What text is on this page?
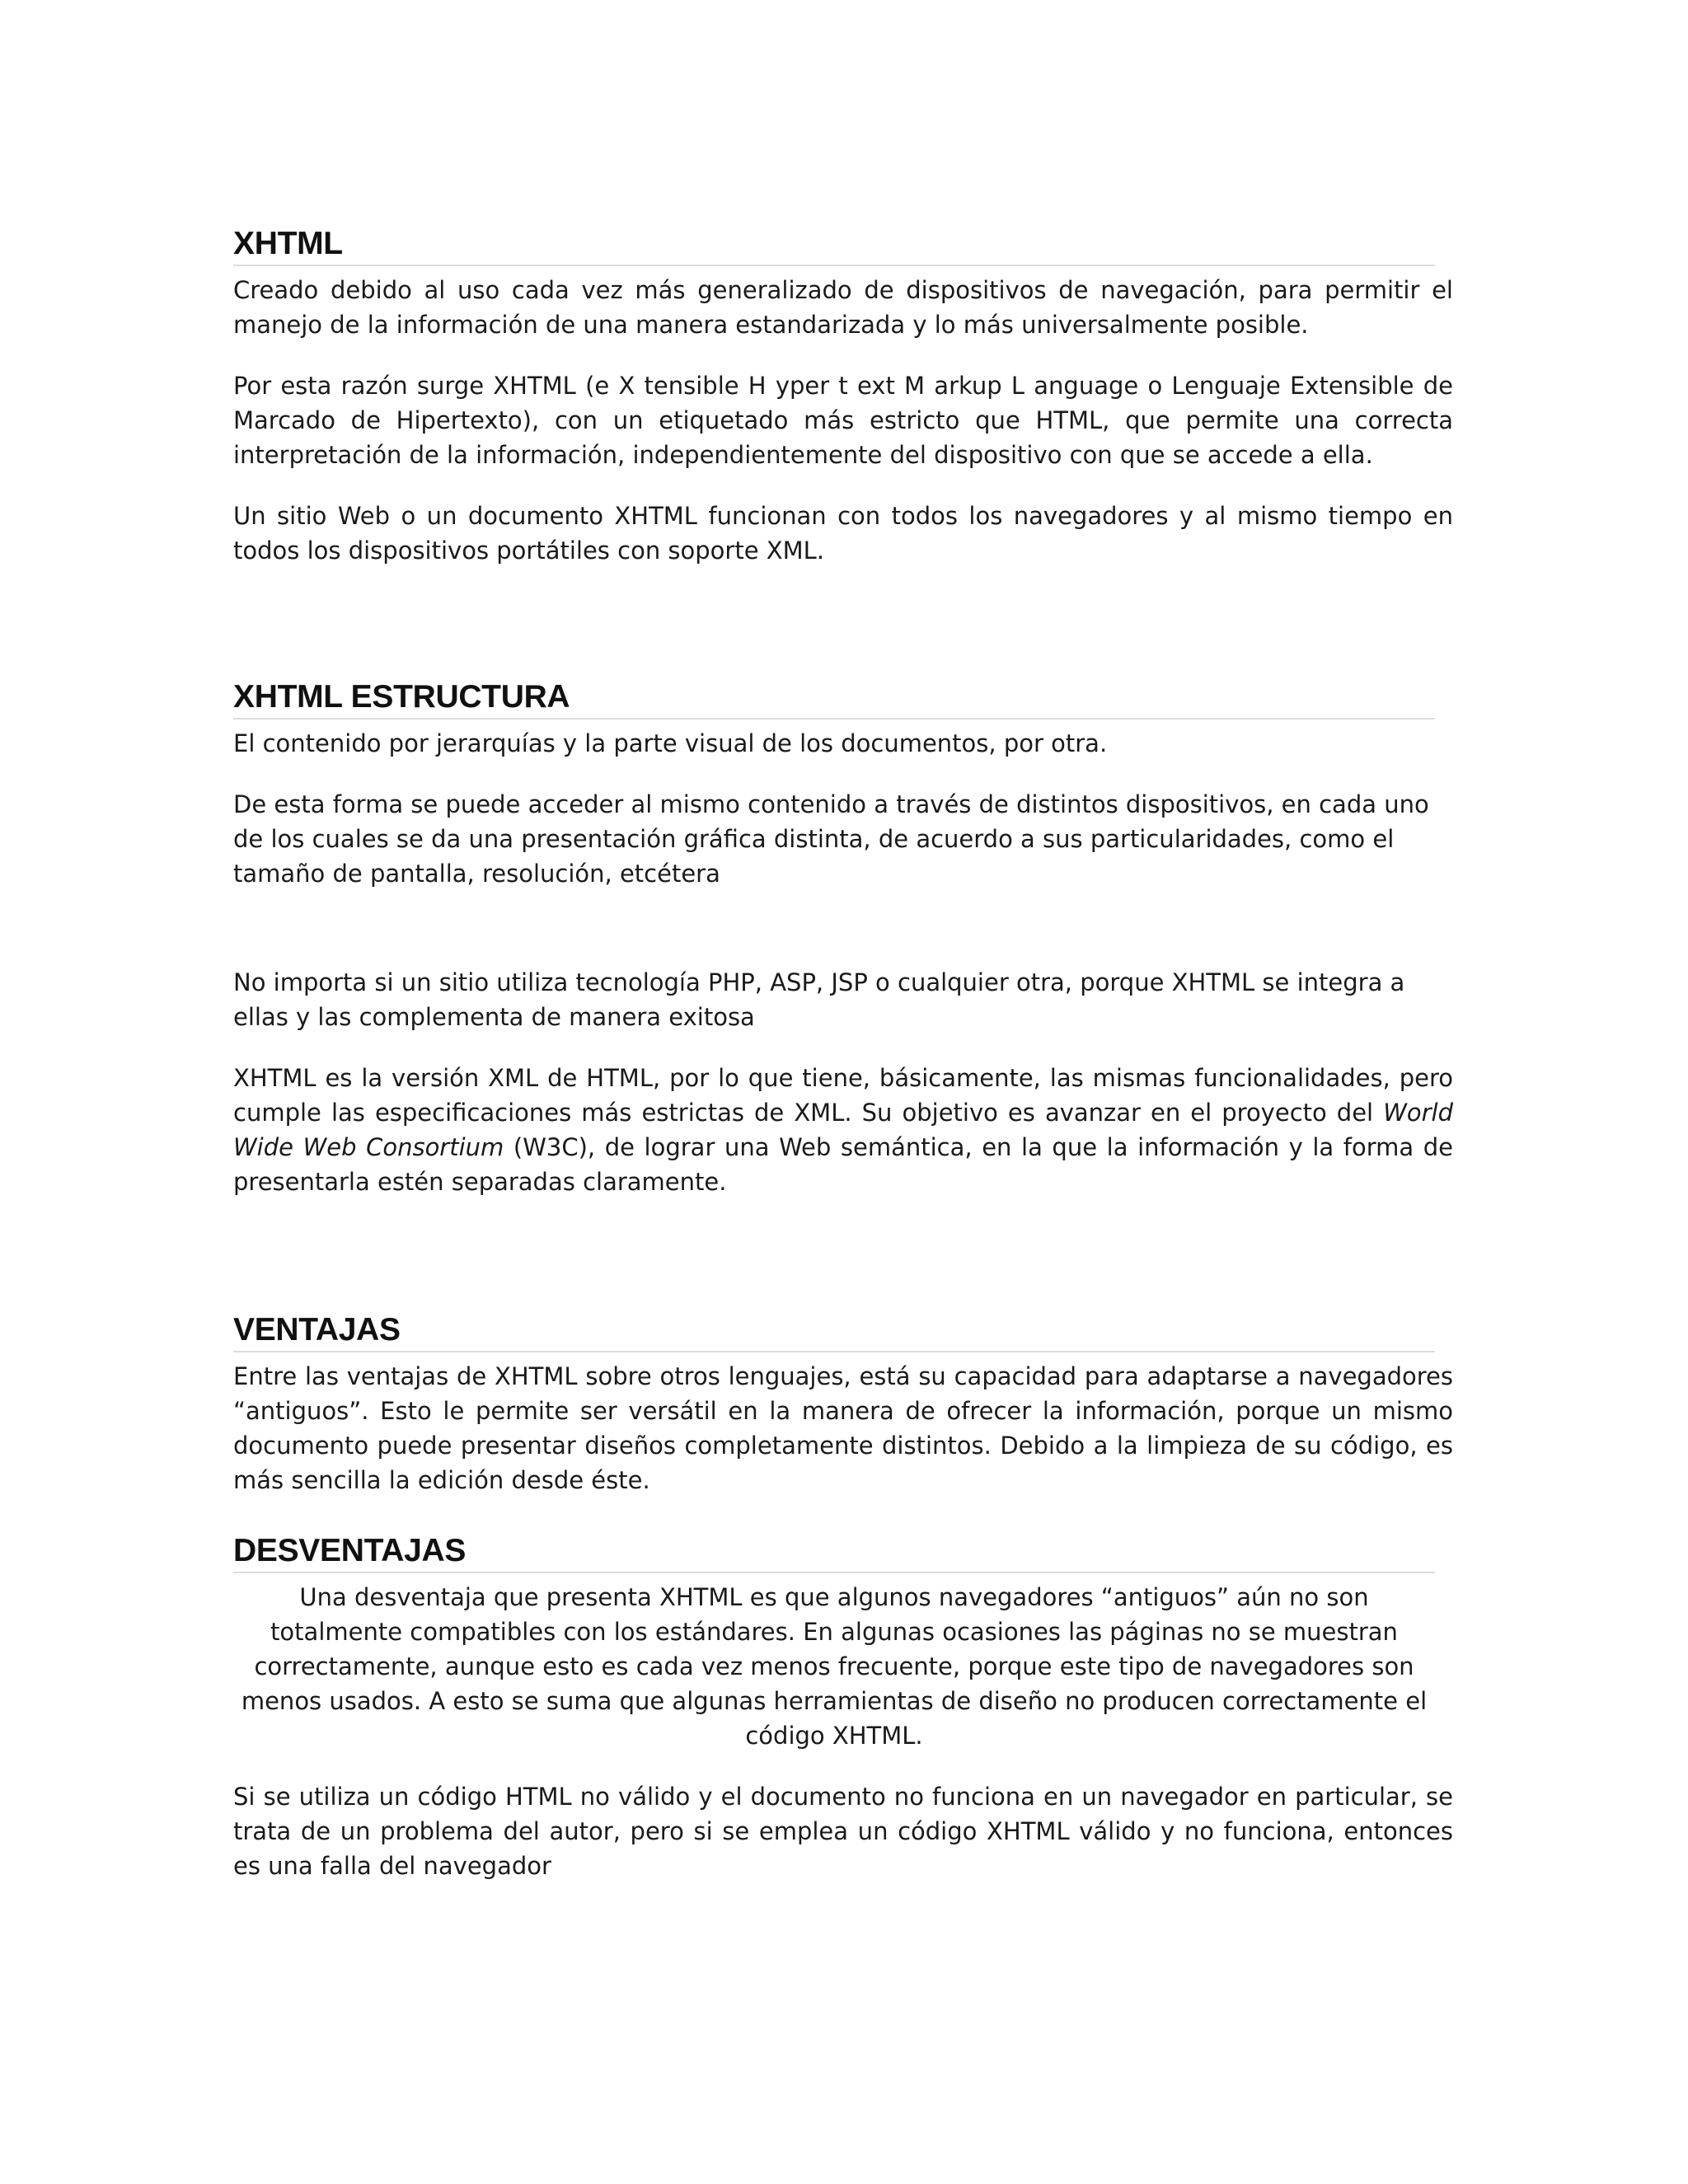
XHTML

Creado debido al uso cada vez más generalizado de dispositivos de navegación, para permitir el manejo de la información de una manera estandarizada y lo más universalmente posible.

Por esta razón surge XHTML (e X tensible H yper t ext M arkup L anguage o Lenguaje Extensible de Marcado de Hipertexto), con un etiquetado más estricto que HTML, que permite una correcta interpretación de la información, independientemente del dispositivo con que se accede a ella.

Un sitio Web o un documento XHTML funcionan con todos los navegadores y al mismo tiempo en todos los dispositivos portátiles con soporte XML.

XHTML ESTRUCTURA

El contenido por jerarquías y la parte visual de los documentos, por otra.

De esta forma se puede acceder al mismo contenido a través de distintos dispositivos, en cada uno de los cuales se da una presentación gráfica distinta, de acuerdo a sus particularidades, como el tamaño de pantalla, resolución, etcétera

No importa si un sitio utiliza tecnología PHP, ASP, JSP o cualquier otra, porque XHTML se integra a ellas y las complementa de manera exitosa

XHTML es la versión XML de HTML, por lo que tiene, básicamente, las mismas funcionalidades, pero cumple las especificaciones más estrictas de XML. Su objetivo es avanzar en el proyecto del World Wide Web Consortium (W3C), de lograr una Web semántica, en la que la información y la forma de presentarla estén separadas claramente.

VENTAJAS

Entre las ventajas de XHTML sobre otros lenguajes, está su capacidad para adaptarse a navegadores “antiguos”. Esto le permite ser versátil en la manera de ofrecer la información, porque un mismo documento puede presentar diseños completamente distintos. Debido a la limpieza de su código, es más sencilla la edición desde éste.

DESVENTAJAS

Una desventaja que presenta XHTML es que algunos navegadores “antiguos” aún no son totalmente compatibles con los estándares. En algunas ocasiones las páginas no se muestran correctamente, aunque esto es cada vez menos frecuente, porque este tipo de navegadores son menos usados. A esto se suma que algunas herramientas de diseño no producen correctamente el código XHTML.

Si se utiliza un código HTML no válido y el documento no funciona en un navegador en particular, se trata de un problema del autor, pero si se emplea un código XHTML válido y no funciona, entonces es una falla del navegador
